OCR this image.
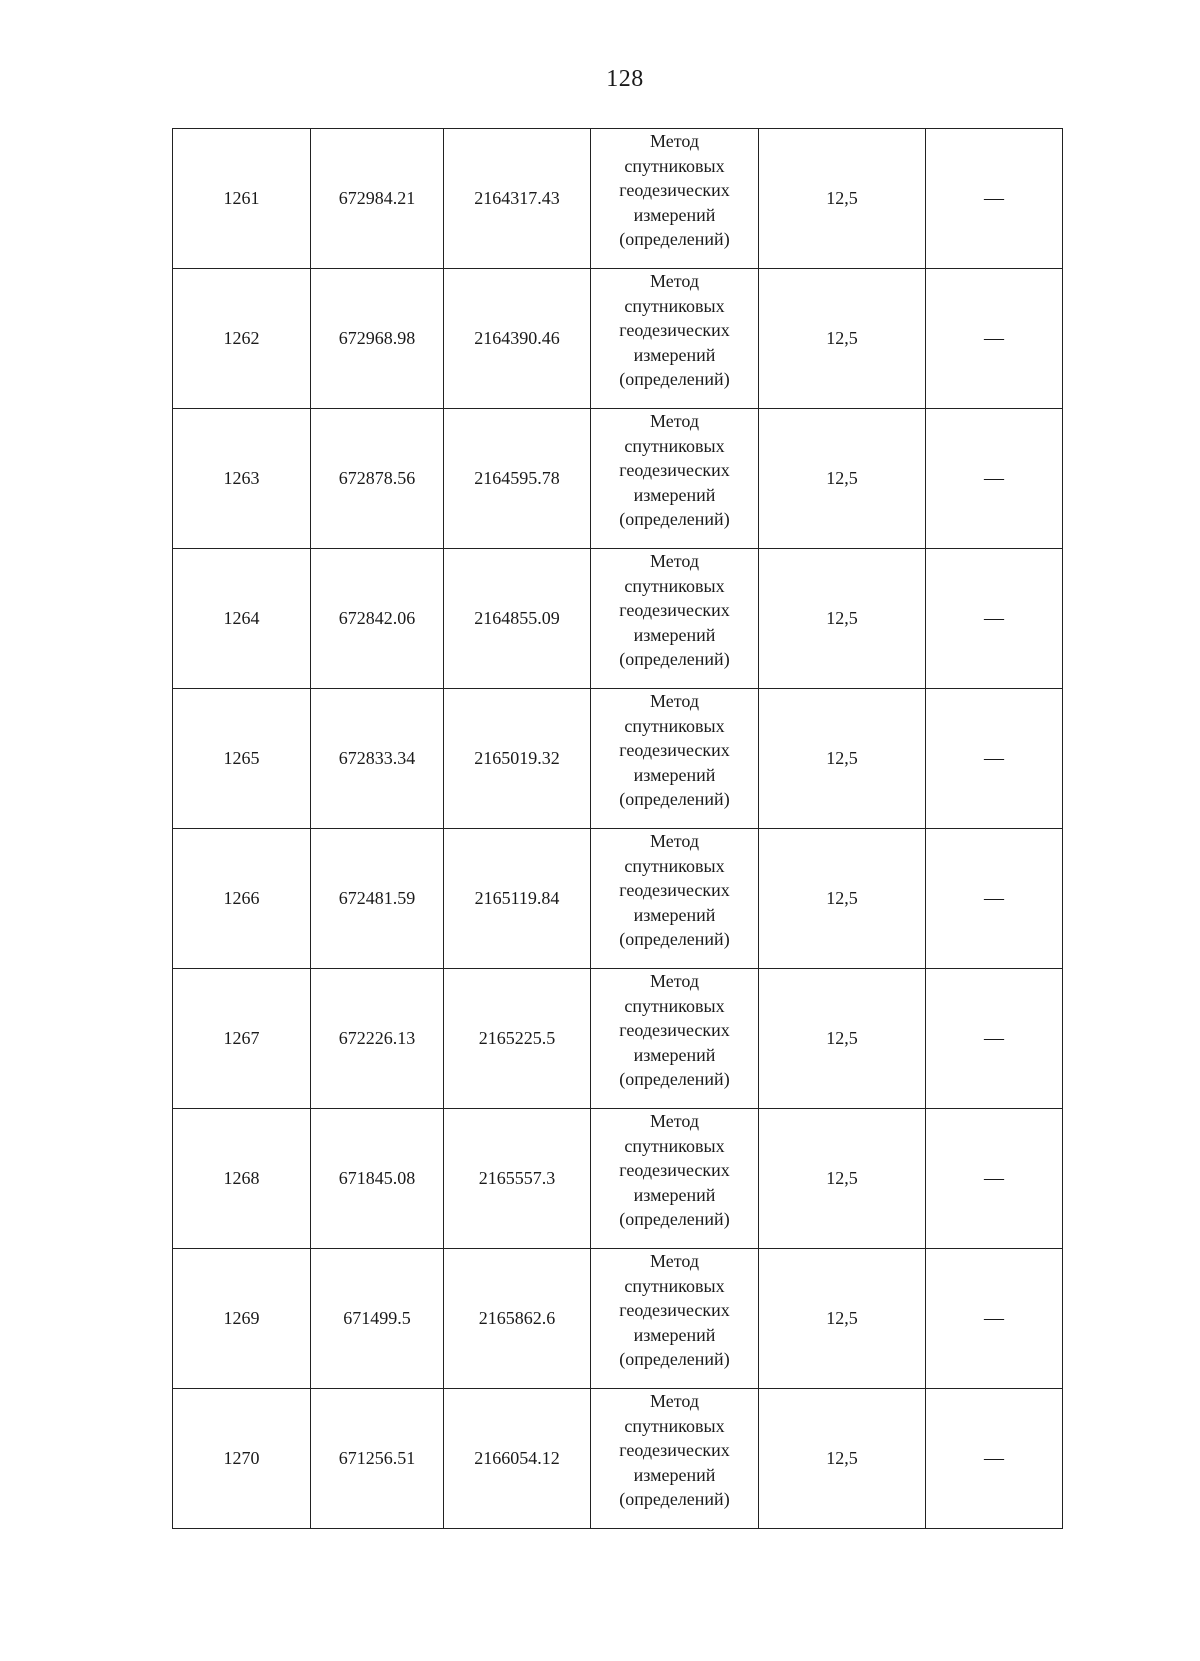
128
1261	672984.21	2164317.43	Метод
спутниковых
геодезических
измерений
(определений)	12,5	—
1262	672968.98	2164390.46	Метод
спутниковых
геодезических
измерений
(определений)	12,5	—
1263	672878.56	2164595.78	Метод
спутниковых
геодезических
измерений
(определений)	12,5	—
1264	672842.06	2164855.09	Метод
спутниковых
геодезических
измерений
(определений)	12,5	—
1265	672833.34	2165019.32	Метод
спутниковых
геодезических
измерений
(определений)	12,5	—
1266	672481.59	2165119.84	Метод
спутниковых
геодезических
измерений
(определений)	12,5	—
1267	672226.13	2165225.5	Метод
спутниковых
геодезических
измерений
(определений)	12,5	—
1268	671845.08	2165557.3	Метод
спутниковых
геодезических
измерений
(определений)	12,5	—
1269	671499.5	2165862.6	Метод
спутниковых
геодезических
измерений
(определений)	12,5	—
1270	671256.51	2166054.12	Метод
спутниковых
геодезических
измерений
(определений)	12,5	—
